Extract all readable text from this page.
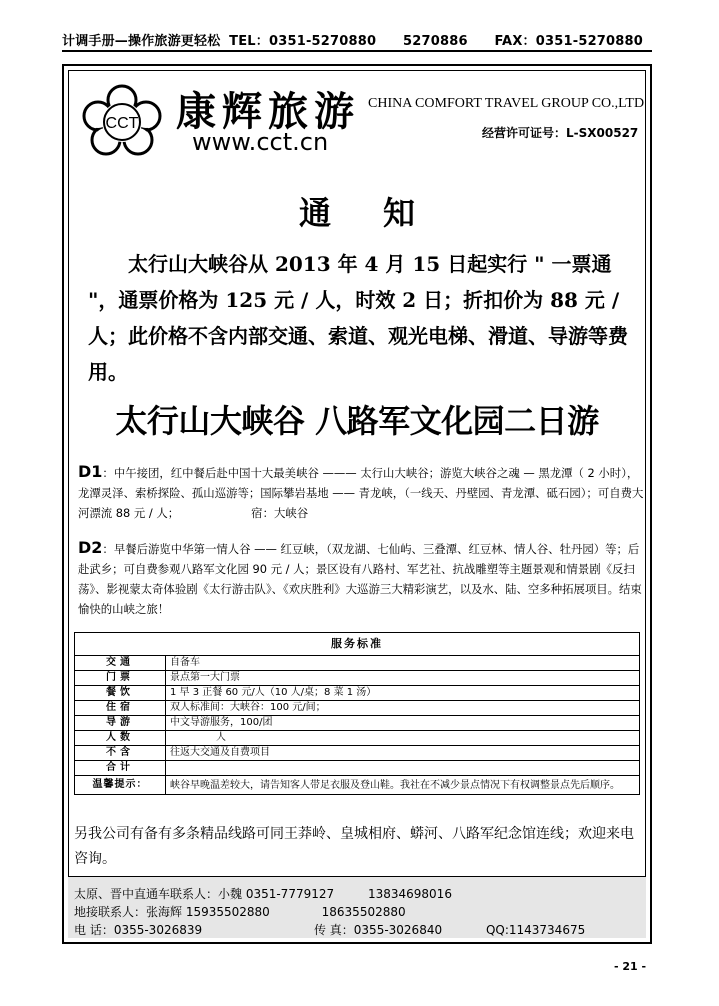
计调手册—操作旅游更轻松 TEL：0351-5270880 5270886 FAX：0351-5270880
CCT 康辉旅游
www.cct.cn
CHINA COMFORT TRAVEL GROUP CO.,LTD
经营许可证号：L-SX00527
通知

太行山大峡谷从 2013 年 4 月 15 日起实行 " 一票通 "，通票价格为 125 元 / 人，时效 2 日；折扣价为 88 元 / 人；此价格不含内部交通、索道、观光电梯、滑道、导游等费用。

太行山大峡谷 八路军文化园二日游
D1：中午接团，红中餐后赴中国十大最美峡谷 ——— 太行山大峡谷；游览大峡谷之魂 — 黑龙潭（ 2 小时），龙潭灵泽、索桥探险、孤山巡游等；国际攀岩基地 —— 青龙峡，（一线天、丹壁园、青龙潭、砥石园）；可自费大河漂流 88 元 / 人；	宿：大峡谷
D2：早餐后游览中华第一情人谷 —— 红豆峡，（双龙湖、七仙屿、三叠潭、红豆林、情人谷、牡丹园）等；后赴武乡；可自费参观八路军文化园 90 元 / 人；景区设有八路村、军艺社、抗战雕塑等主题景观和情景剧《反扫荡》、影视蒙太奇体验剧《太行游击队》、《欢庆胜利》大巡游三大精彩演艺，以及水、陆、空多种拓展项目。结束愉快的山峡之旅！
服务标准	
交通	自备车
门票	景点第一大门票
餐饮	1 早 3 正餐 60 元/人（10 人/桌；8 菜 1 汤）
住宿	双人标准间：大峡谷：100 元/间；
导游	中文导游服务，100/团
人数	人
不含	往返大交通及自费项目
合计	
温馨提示：	峡谷早晚温差较大，请告知客人带足衣服及登山鞋。我社在不减少景点情况下有权调整景点先后顺序。
另我公司有备有多条精品线路可同王莽岭、皇城相府、蟒河、八路军纪念馆连线；欢迎来电咨询。
太原、晋中直通车联系人：小魏 0351-7779127	13834698016
地接联系人：张海辉 15935502880	18635502880
电 话：0355-3026839	传 真：0355-3026840	QQ:1143734675
- 21 -
